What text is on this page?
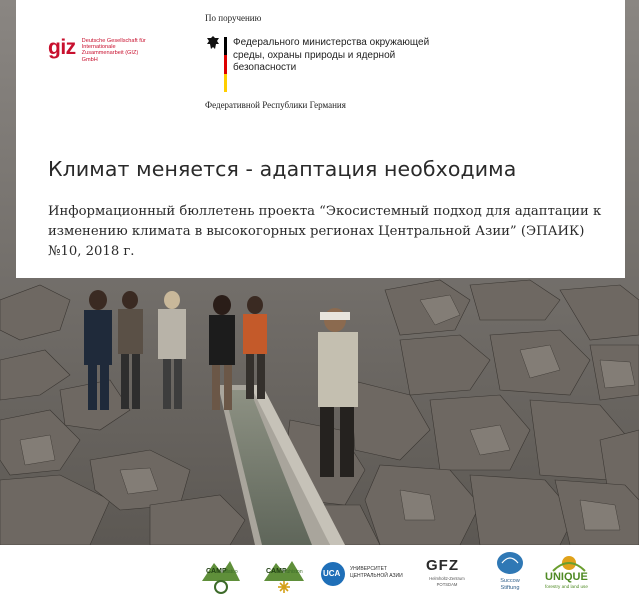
giz Deutsche Gesellschaft für Internationale Zusammenarbeit (GIZ) GmbH
По поручению
Федерального министерства окружающей среды, охраны природы и ядерной безопасности
Федеративной Республики Германия
Климат меняется - адаптация необходима
Информационный бюллетень проекта “Экосистемный подход для адаптации к изменению климата в высокогорных регионах Центральной Азии” (ЭПАИК) №10, 2018 г.
CAMP
alatoo	CAMP
kuhiston	UCA УНИВЕРСИТЕТ ЦЕНТРАЛЬНОЙ АЗИИ
GFZ
Helmholtz-Zentrum POTSDAM	Succow Stiftung
UNIQUE
forestry and land use
